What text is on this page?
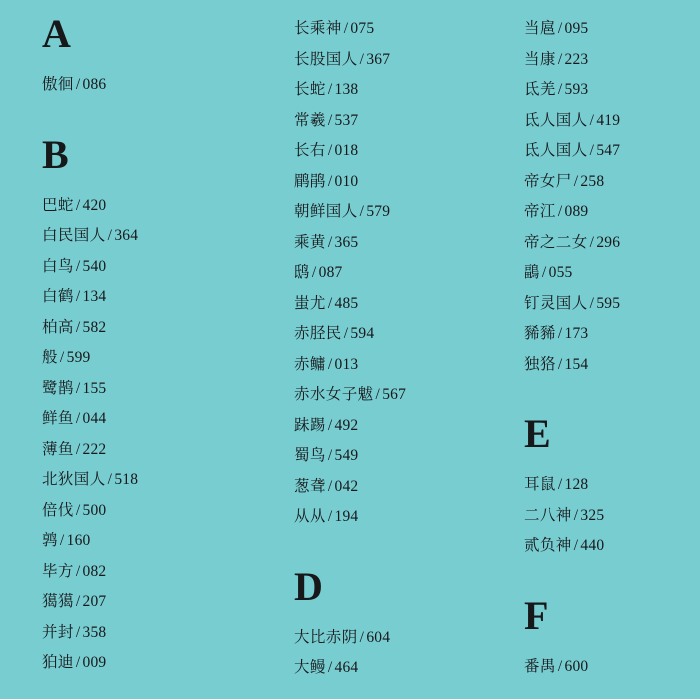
A
傲徊 / 086
B
巴蛇 / 420
白民国人 / 364
白鸟 / 540
白鹤 / 134
柏高 / 582
般 / 599
鹭鹊 / 155
鲜鱼 / 044
薄鱼 / 222
北狄国人 / 518
倍伐 / 500
鹑 / 160
毕方 / 082
獦獦 / 207
并封 / 358
狛迪 / 009
长乘神 / 075
长股国人 / 367
长蛇 / 138
常羲 / 537
长右 / 018
鹛鹃 / 010
朝鲜国人 / 579
乘黄 / 365
鸱 / 087
蚩尤 / 485
赤胫民 / 594
赤鳙 / 013
赤水女子魃 / 567
跊踢 / 492
蜀鸟 / 549
葱聋 / 042
从从 / 194
D
大比赤阴 / 604
大鳗 / 464
当扈 / 095
当康 / 223
氐羌 / 593
氐人国人 / 419
氐人国人 / 547
帝女尸 / 258
帝江 / 089
帝之二女 / 296
鶝 / 055
钉灵国人 / 595
豨豨 / 173
独狢 / 154
E
耳鼠 / 128
二八神 / 325
贰负神 / 440
F
番禺 / 600
